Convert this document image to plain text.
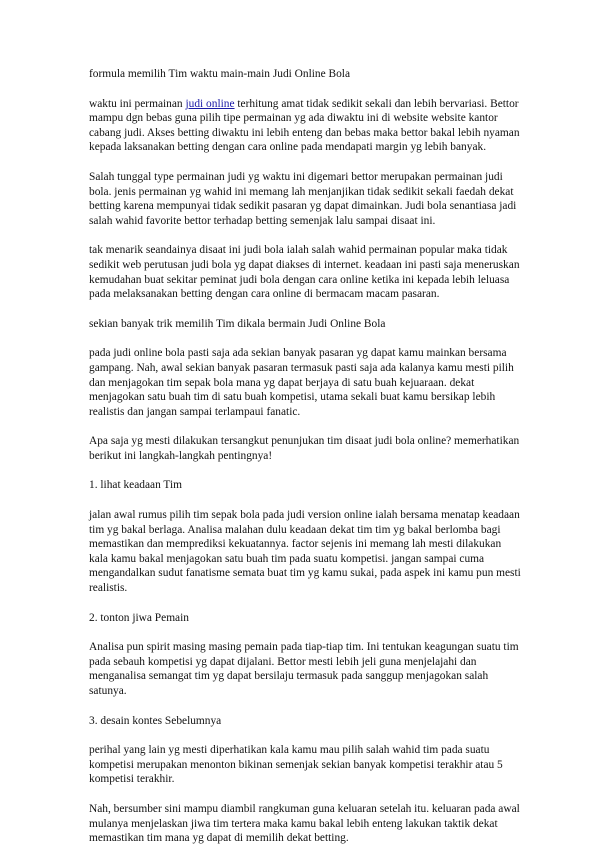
formula memilih Tim waktu main-main Judi Online Bola

waktu ini permainan judi online terhitung amat tidak sedikit sekali dan lebih bervariasi. Bettor mampu dgn bebas guna pilih tipe permainan yg ada diwaktu ini di website website kantor cabang judi. Akses betting diwaktu ini lebih enteng dan bebas maka bettor bakal lebih nyaman kepada laksanakan betting dengan cara online pada mendapati margin yg lebih banyak.

Salah tunggal type permainan judi yg waktu ini digemari bettor merupakan permainan judi bola. jenis permainan yg wahid ini memang lah menjanjikan tidak sedikit sekali faedah dekat betting karena mempunyai tidak sedikit pasaran yg dapat dimainkan. Judi bola senantiasa jadi salah wahid favorite bettor terhadap betting semenjak lalu sampai disaat ini.

tak menarik seandainya disaat ini judi bola ialah salah wahid permainan popular maka tidak sedikit web perutusan judi bola yg dapat diakses di internet. keadaan ini pasti saja meneruskan kemudahan buat sekitar peminat judi bola dengan cara online ketika ini kepada lebih leluasa pada melaksanakan betting dengan cara online di bermacam macam pasaran.

sekian banyak trik memilih Tim dikala bermain Judi Online Bola

pada judi online bola pasti saja ada sekian banyak pasaran yg dapat kamu mainkan bersama gampang. Nah, awal sekian banyak pasaran termasuk pasti saja ada kalanya kamu mesti pilih dan menjagokan tim sepak bola mana yg dapat berjaya di satu buah kejuaraan. dekat menjagokan satu buah tim di satu buah kompetisi, utama sekali buat kamu bersikap lebih realistis dan jangan sampai terlampaui fanatic.

Apa saja yg mesti dilakukan tersangkut penunjukan tim disaat judi bola online? memerhatikan berikut ini langkah-langkah pentingnya!

1. lihat keadaan Tim

jalan awal rumus pilih tim sepak bola pada judi version online ialah bersama menatap keadaan tim yg bakal berlaga. Analisa malahan dulu keadaan dekat tim tim yg bakal berlomba bagi memastikan dan memprediksi kekuatannya. factor sejenis ini memang lah mesti dilakukan kala kamu bakal menjagokan satu buah tim pada suatu kompetisi. jangan sampai cuma mengandalkan sudut fanatisme semata buat tim yg kamu sukai, pada aspek ini kamu pun mesti realistis.

2. tonton jiwa Pemain

Analisa pun spirit masing masing pemain pada tiap-tiap tim. Ini tentukan keagungan suatu tim pada sebauh kompetisi yg dapat dijalani. Bettor mesti lebih jeli guna menjelajahi dan menganalisa semangat tim yg dapat bersilaju termasuk pada sanggup menjagokan salah satunya.

3. desain kontes Sebelumnya

perihal yang lain yg mesti diperhatikan kala kamu mau pilih salah wahid tim pada suatu kompetisi merupakan menonton bikinan semenjak sekian banyak kompetisi terakhir atau 5 kompetisi terakhir.

Nah, bersumber sini mampu diambil rangkuman guna keluaran setelah itu. keluaran pada awal mulanya menjelaskan jiwa tim tertera maka kamu bakal lebih enteng lakukan taktik dekat memastikan tim mana yg dapat di memilih dekat betting.
